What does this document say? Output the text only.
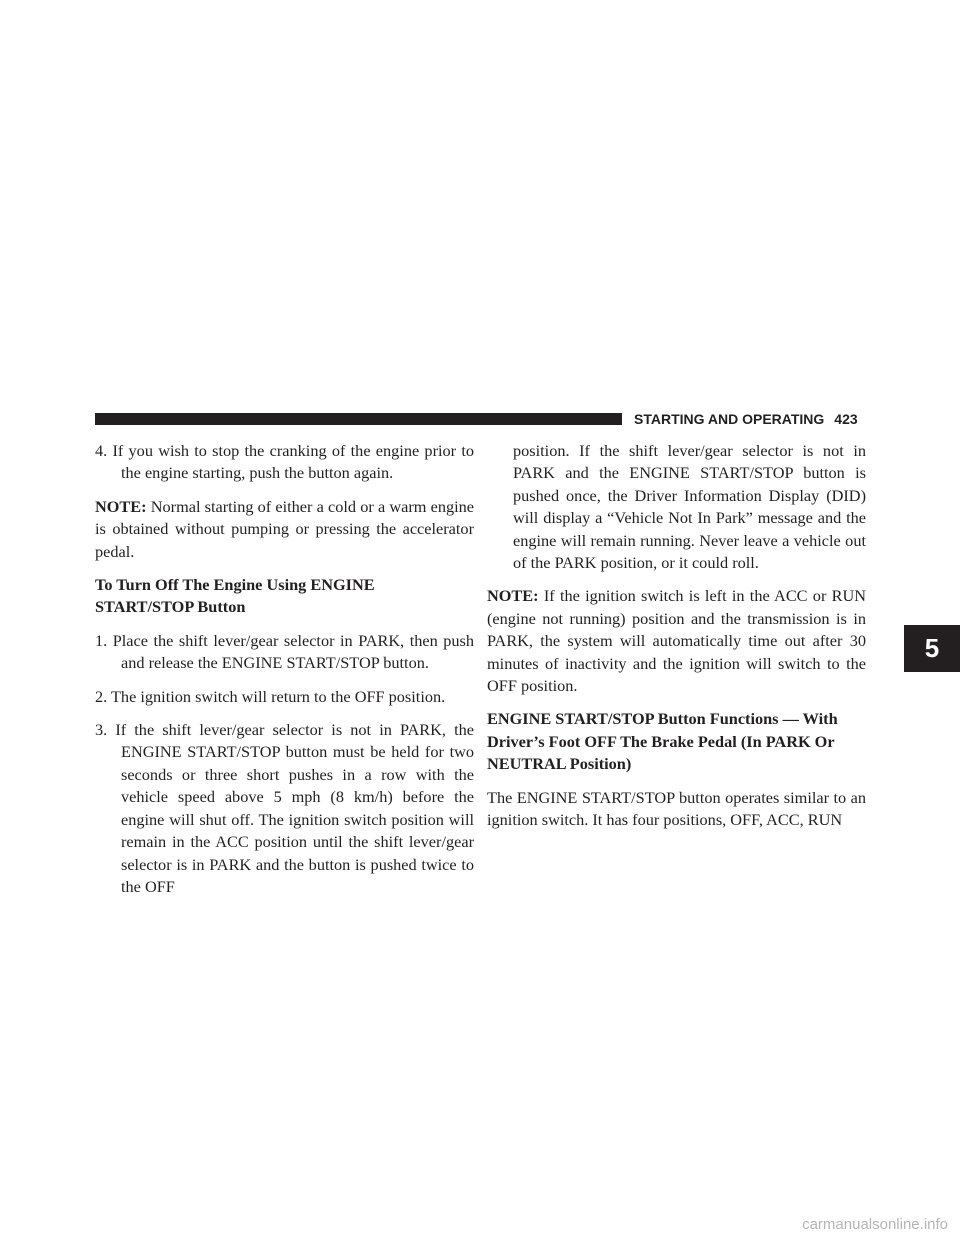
STARTING AND OPERATING 423

4. If you wish to stop the cranking of the engine prior to the engine starting, push the button again.

NOTE: Normal starting of either a cold or a warm engine is obtained without pumping or pressing the accelerator pedal.

To Turn Off The Engine Using ENGINE START/STOP Button

1. Place the shift lever/gear selector in PARK, then push and release the ENGINE START/STOP button.

2. The ignition switch will return to the OFF position.

3. If the shift lever/gear selector is not in PARK, the ENGINE START/STOP button must be held for two seconds or three short pushes in a row with the vehicle speed above 5 mph (8 km/h) before the engine will shut off. The ignition switch position will remain in the ACC position until the shift lever/gear selector is in PARK and the button is pushed twice to the OFF

position. If the shift lever/gear selector is not in PARK and the ENGINE START/STOP button is pushed once, the Driver Information Display (DID) will display a “Vehicle Not In Park” message and the engine will remain running. Never leave a vehicle out of the PARK position, or it could roll.

NOTE: If the ignition switch is left in the ACC or RUN (engine not running) position and the transmission is in PARK, the system will automatically time out after 30 minutes of inactivity and the ignition will switch to the OFF position.

ENGINE START/STOP Button Functions — With Driver’s Foot OFF The Brake Pedal (In PARK Or NEUTRAL Position)

The ENGINE START/STOP button operates similar to an ignition switch. It has four positions, OFF, ACC, RUN

5
carmanualsonline.info
